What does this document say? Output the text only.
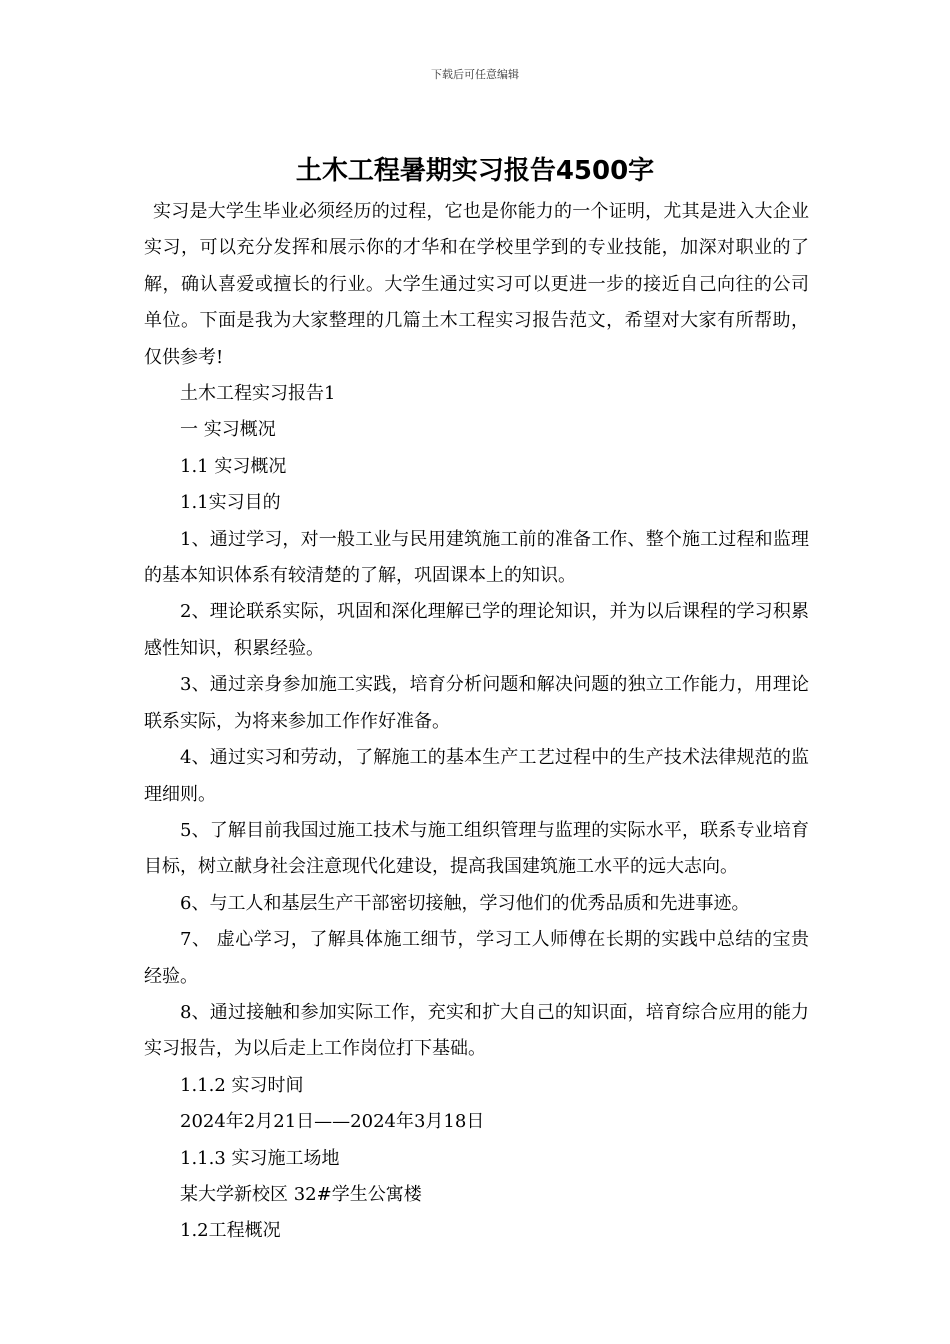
下载后可任意编辑
土木工程暑期实习报告4500字

实习是大学生毕业必须经历的过程，它也是你能力的一个证明，尤其是进入大企业实习，可以充分发挥和展示你的才华和在学校里学到的专业技能，加深对职业的了解，确认喜爱或擅长的行业。大学生通过实习可以更进一步的接近自己向往的公司单位。下面是我为大家整理的几篇土木工程实习报告范文，希望对大家有所帮助，仅供参考!

土木工程实习报告1

一 实习概况

1.1 实习概况

1.1实习目的

1、通过学习，对一般工业与民用建筑施工前的准备工作、整个施工过程和监理的基本知识体系有较清楚的了解，巩固课本上的知识。

2、理论联系实际，巩固和深化理解已学的理论知识，并为以后课程的学习积累感性知识，积累经验。

3、通过亲身参加施工实践，培育分析问题和解决问题的独立工作能力，用理论联系实际，为将来参加工作作好准备。

4、通过实习和劳动，了解施工的基本生产工艺过程中的生产技术法律规范的监理细则。

5、了解目前我国过施工技术与施工组织管理与监理的实际水平，联系专业培育目标，树立献身社会注意现代化建设，提高我国建筑施工水平的远大志向。

6、与工人和基层生产干部密切接触，学习他们的优秀品质和先进事迹。

7、 虚心学习，了解具体施工细节，学习工人师傅在长期的实践中总结的宝贵经验。

8、通过接触和参加实际工作，充实和扩大自己的知识面，培育综合应用的能力实习报告，为以后走上工作岗位打下基础。

1.1.2 实习时间

2024年2月21日——2024年3月18日

1.1.3 实习施工场地

某大学新校区 32#学生公寓楼

1.2工程概况
